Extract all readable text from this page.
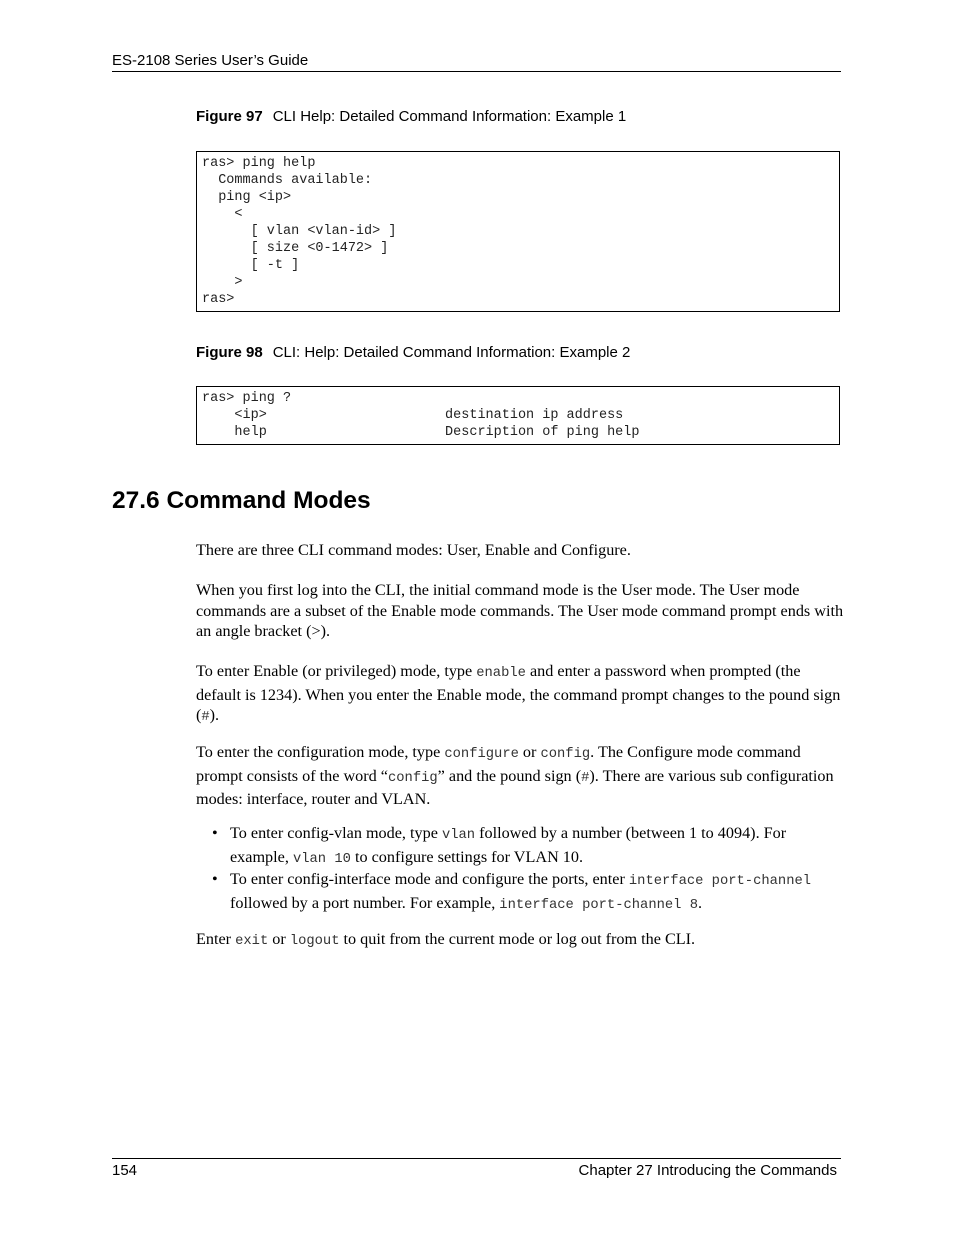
ES-2108 Series User’s Guide
Figure 97 CLI Help: Detailed Command Information: Example 1
ras> ping help
Commands available:
ping <ip>
<
[ vlan <vlan-id> ]
[ size <0-1472> ]
[ -t ]
>
ras>
Figure 98 CLI: Help: Detailed Command Information: Example 2
ras> ping ?
<ip>                      destination ip address
help                      Description of ping help
27.6 Command Modes
There are three CLI command modes: User, Enable and Configure.
When you first log into the CLI, the initial command mode is the User mode. The User mode commands are a subset of the Enable mode commands. The User mode command prompt ends with an angle bracket (>).
To enter Enable (or privileged) mode, type enable and enter a password when prompted (the default is 1234). When you enter the Enable mode, the command prompt changes to the pound sign (#).
To enter the configuration mode, type configure or config. The Configure mode command prompt consists of the word “config” and the pound sign (#). There are various sub configuration modes: interface, router and VLAN.
• To enter config-vlan mode, type vlan followed by a number (between 1 to 4094). For example, vlan 10 to configure settings for VLAN 10.
• To enter config-interface mode and configure the ports, enter interface port-channel followed by a port number. For example, interface port-channel 8.
Enter exit or logout to quit from the current mode or log out from the CLI.
154	Chapter 27 Introducing the Commands
